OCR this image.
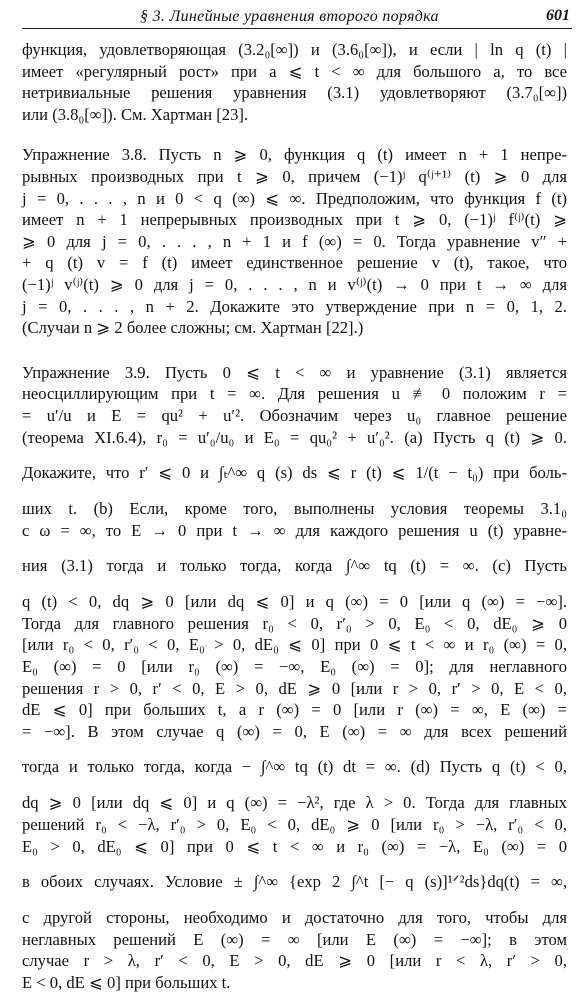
§ 3. Линейные уравнения второго порядка	601

функция, удовлетворяющая (3.2₀[∞]) и (3.6₀[∞]), и если | ln q (t) |
имеет «регулярный рост» при a ⩽ t < ∞ для большого a, то все
нетривиальные решения уравнения (3.1) удовлетворяют (3.7₀[∞])
или (3.8₀[∞]). См. Хартман [23].

Упражнение 3.8. Пусть n ⩾ 0, функция q (t) имеет n + 1 непре-
рывных производных при t ⩾ 0, причем (−1)ʲ q⁽ʲ⁺¹⁾ (t) ⩾ 0 для
j = 0, . . . , n и 0 < q (∞) ⩽ ∞. Предположим, что функция f (t)
имеет n + 1 непрерывных производных при t ⩾ 0, (−1)ʲ f⁽ʲ⁾(t) ⩾
⩾ 0 для j = 0, . . . , n + 1 и f (∞) = 0. Тогда уравнение v″ +
+ q (t) v = f (t) имеет единственное решение v (t), такое, что
(−1)ʲ v⁽ʲ⁾(t) ⩾ 0 для j = 0, . . . , n и v⁽ʲ⁾(t) → 0 при t → ∞ для
j = 0, . . . , n + 2. Докажите это утверждение при n = 0, 1, 2.
(Случаи n ⩾ 2 более сложны; см. Хартман [22].)

Упражнение 3.9. Пусть 0 ⩽ t < ∞ и уравнение (3.1) является
неосциллирующим при t = ∞. Для решения u ≢ 0 положим r =
= u′/u и E = qu² + u′². Обозначим через u₀ главное решение
(теорема XI.6.4), r₀ = u′₀/u₀ и E₀ = qu₀² + u′₀². (a) Пусть q (t) ⩾ 0.
Докажите, что r′ ⩽ 0 и ∫ₜ^∞ q (s) ds ⩽ r (t) ⩽ 1/(t − t₀) при боль-
ших t. (b) Если, кроме того, выполнены условия теоремы 3.1₀
с ω = ∞, то E → 0 при t → ∞ для каждого решения u (t) уравне-
ния (3.1) тогда и только тогда, когда ∫^∞ tq (t) = ∞. (c) Пусть
q (t) < 0, dq ⩾ 0 [или dq ⩽ 0] и q (∞) = 0 [или q (∞) = −∞].
Тогда для главного решения r₀ < 0, r′₀ > 0, E₀ < 0, dE₀ ⩾ 0
[или r₀ < 0, r′₀ < 0, E₀ > 0, dE₀ ⩽ 0] при 0 ⩽ t < ∞ и r₀ (∞) = 0,
E₀ (∞) = 0 [или r₀ (∞) = −∞, E₀ (∞) = 0]; для неглавного
решения r > 0, r′ < 0, E > 0, dE ⩾ 0 [или r > 0, r′ > 0, E < 0,
dE ⩽ 0] при больших t, а r (∞) = 0 [или r (∞) = ∞, E (∞) =
= −∞]. В этом случае q (∞) = 0, E (∞) = ∞ для всех решений
тогда и только тогда, когда − ∫^∞ tq (t) dt = ∞. (d) Пусть q (t) < 0,
dq ⩾ 0 [или dq ⩽ 0] и q (∞) = −λ², где λ > 0. Тогда для главных
решений r₀ < −λ, r′₀ > 0, E₀ < 0, dE₀ ⩾ 0 [или r₀ > −λ, r′₀ < 0,
E₀ > 0, dE₀ ⩽ 0] при 0 ⩽ t < ∞ и r₀ (∞) = −λ, E₀ (∞) = 0
в обоих случаях. Условие ± ∫^∞ {exp 2 ∫^t [− q (s)]¹ᐟ²ds}dq(t) = ∞,
с другой стороны, необходимо и достаточно для того, чтобы для
неглавных решений E (∞) = ∞ [или E (∞) = −∞]; в этом
случае r > λ, r′ < 0, E > 0, dE ⩾ 0 [или r < λ, r′ > 0,
E < 0, dE ⩽ 0] при больших t.
